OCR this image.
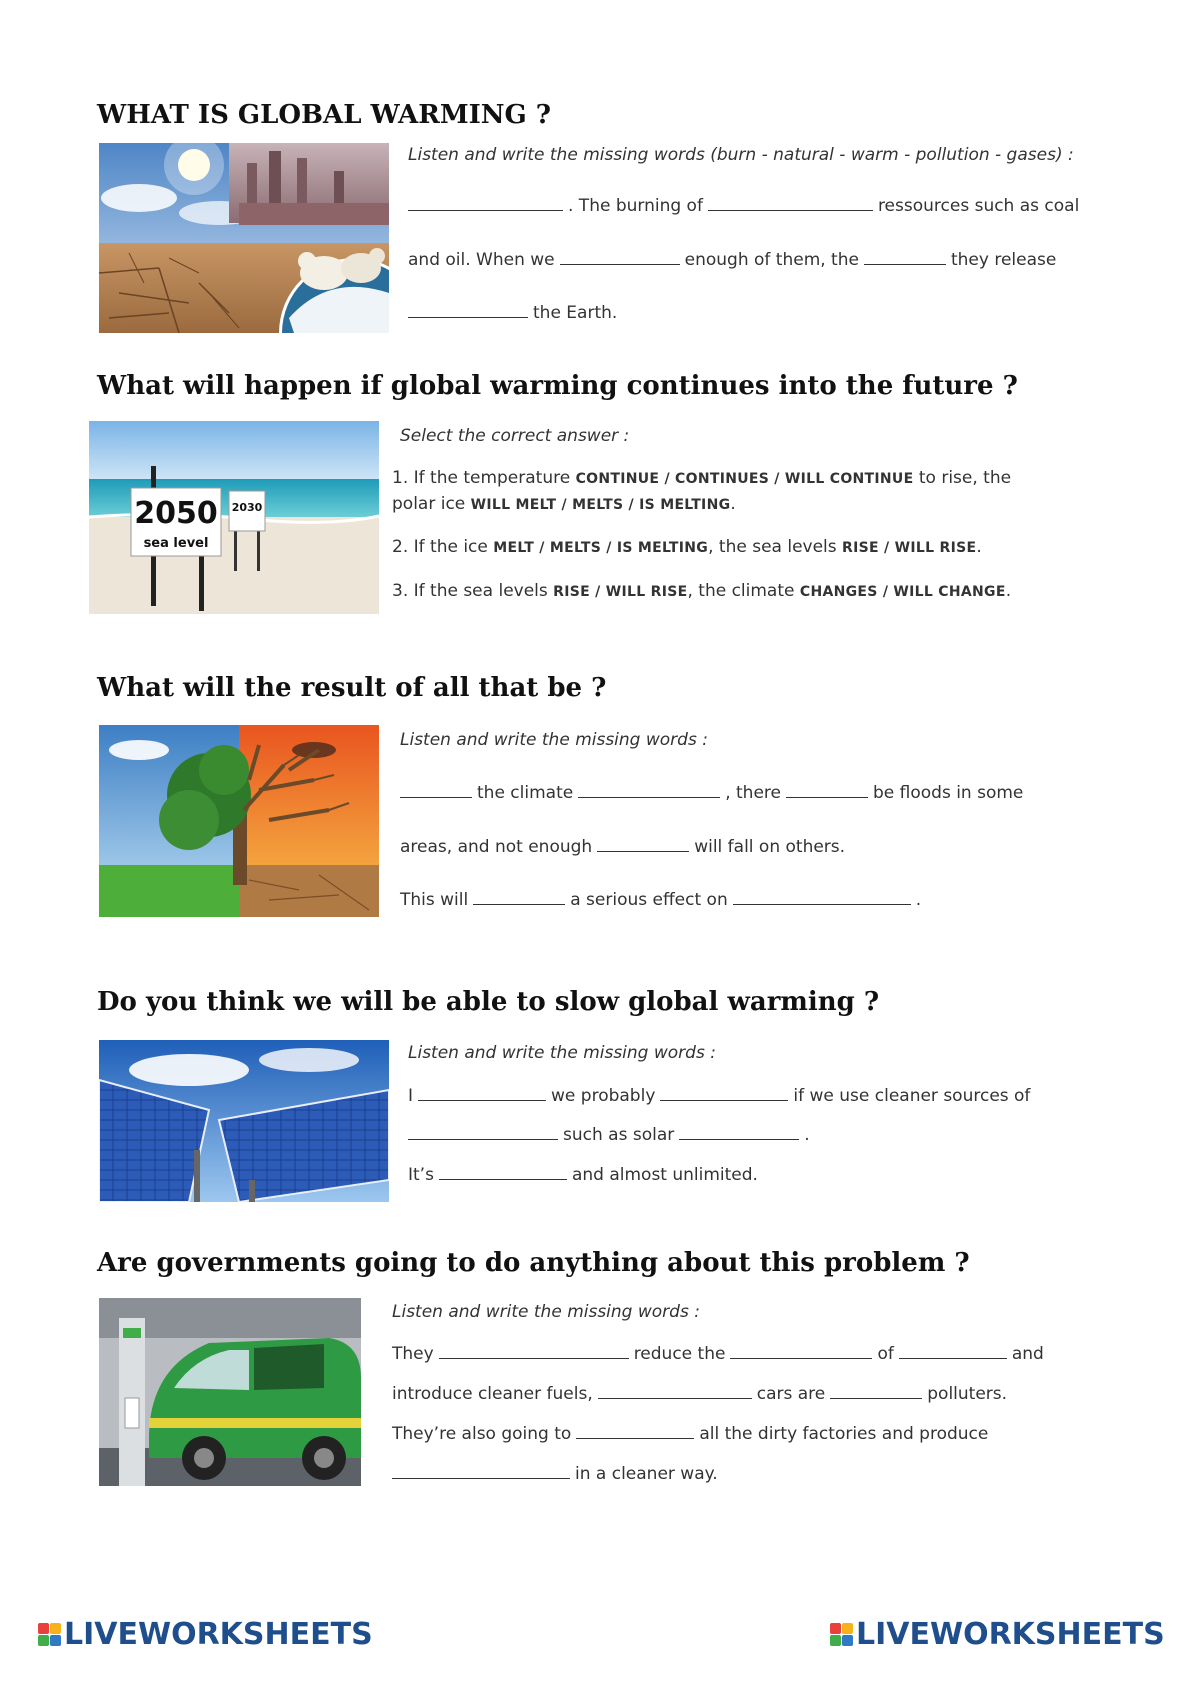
WHAT IS GLOBAL WARMING ?
Listen and write the missing words (burn - natural - warm - pollution - gases) :
. The burning of	ressources such as coal
and oil. When we	enough of them, the	they release
the Earth.
What will happen if global warming continues into the future ?
2050
sea level
2030
Select the correct answer :
1. If the temperature CONTINUE / CONTINUES / WILL CONTINUE to rise, the
polar ice WILL MELT / MELTS / IS MELTING.
2. If the ice MELT / MELTS / IS MELTING, the sea levels RISE / WILL RISE.
3. If the sea levels RISE / WILL RISE, the climate CHANGES / WILL CHANGE.
What will the result of all that be ?
Listen and write the missing words :
the climate	, there	be floods in some
areas, and not enough	will fall on others.
This will	a serious effect on	.
Do you think we will be able to slow global warming ?
Listen and write the missing words :
I	we probably	if we use cleaner sources of
such as solar	.
It’s	and almost unlimited.
Are governments going to do anything about this problem ?
Listen and write the missing words :
They	reduce the	of	and
introduce cleaner fuels,	cars are	polluters.
They’re also going to	all the dirty factories and produce
in a cleaner way.
LIVEWORKSHEETS	LIVEWORKSHEETS
